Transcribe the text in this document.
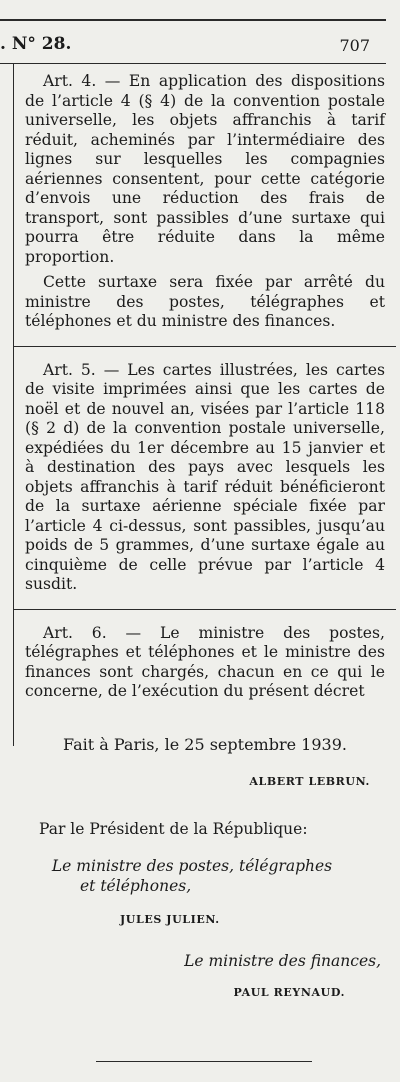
. N° 28.	707

Art. 4. — En application des dispositions de l’article 4 (§ 4) de la convention postale universelle, les objets affranchis à tarif réduit, acheminés par l’intermédiaire des lignes sur lesquelles les compagnies aériennes consentent, pour cette catégorie d’envois une réduction des frais de transport, sont passibles d’une surtaxe qui pourra être réduite dans la même proportion.

Cette surtaxe sera fixée par arrêté du ministre des postes, télégraphes et téléphones et du ministre des finances.

Art. 5. — Les cartes illustrées, les cartes de visite imprimées ainsi que les cartes de noël et de nouvel an, visées par l’article 118 (§ 2 d) de la convention postale universelle, expédiées du 1er décembre au 15 janvier et à destination des pays avec lesquels les objets affranchis à tarif réduit bénéficieront de la surtaxe aérienne spéciale fixée par l’article 4 ci-dessus, sont passibles, jusqu’au poids de 5 grammes, d’une surtaxe égale au cinquième de celle prévue par l’article 4 susdit.

Art. 6. — Le ministre des postes, télégraphes et téléphones et le ministre des finances sont chargés, chacun en ce qui le concerne, de l’exécution du présent décret

Fait à Paris, le 25 septembre 1939.
ALBERT LEBRUN.
Par le Président de la République:
Le ministre des postes, télégraphes
et téléphones,
JULES JULIEN.
Le ministre des finances,
PAUL REYNAUD.
